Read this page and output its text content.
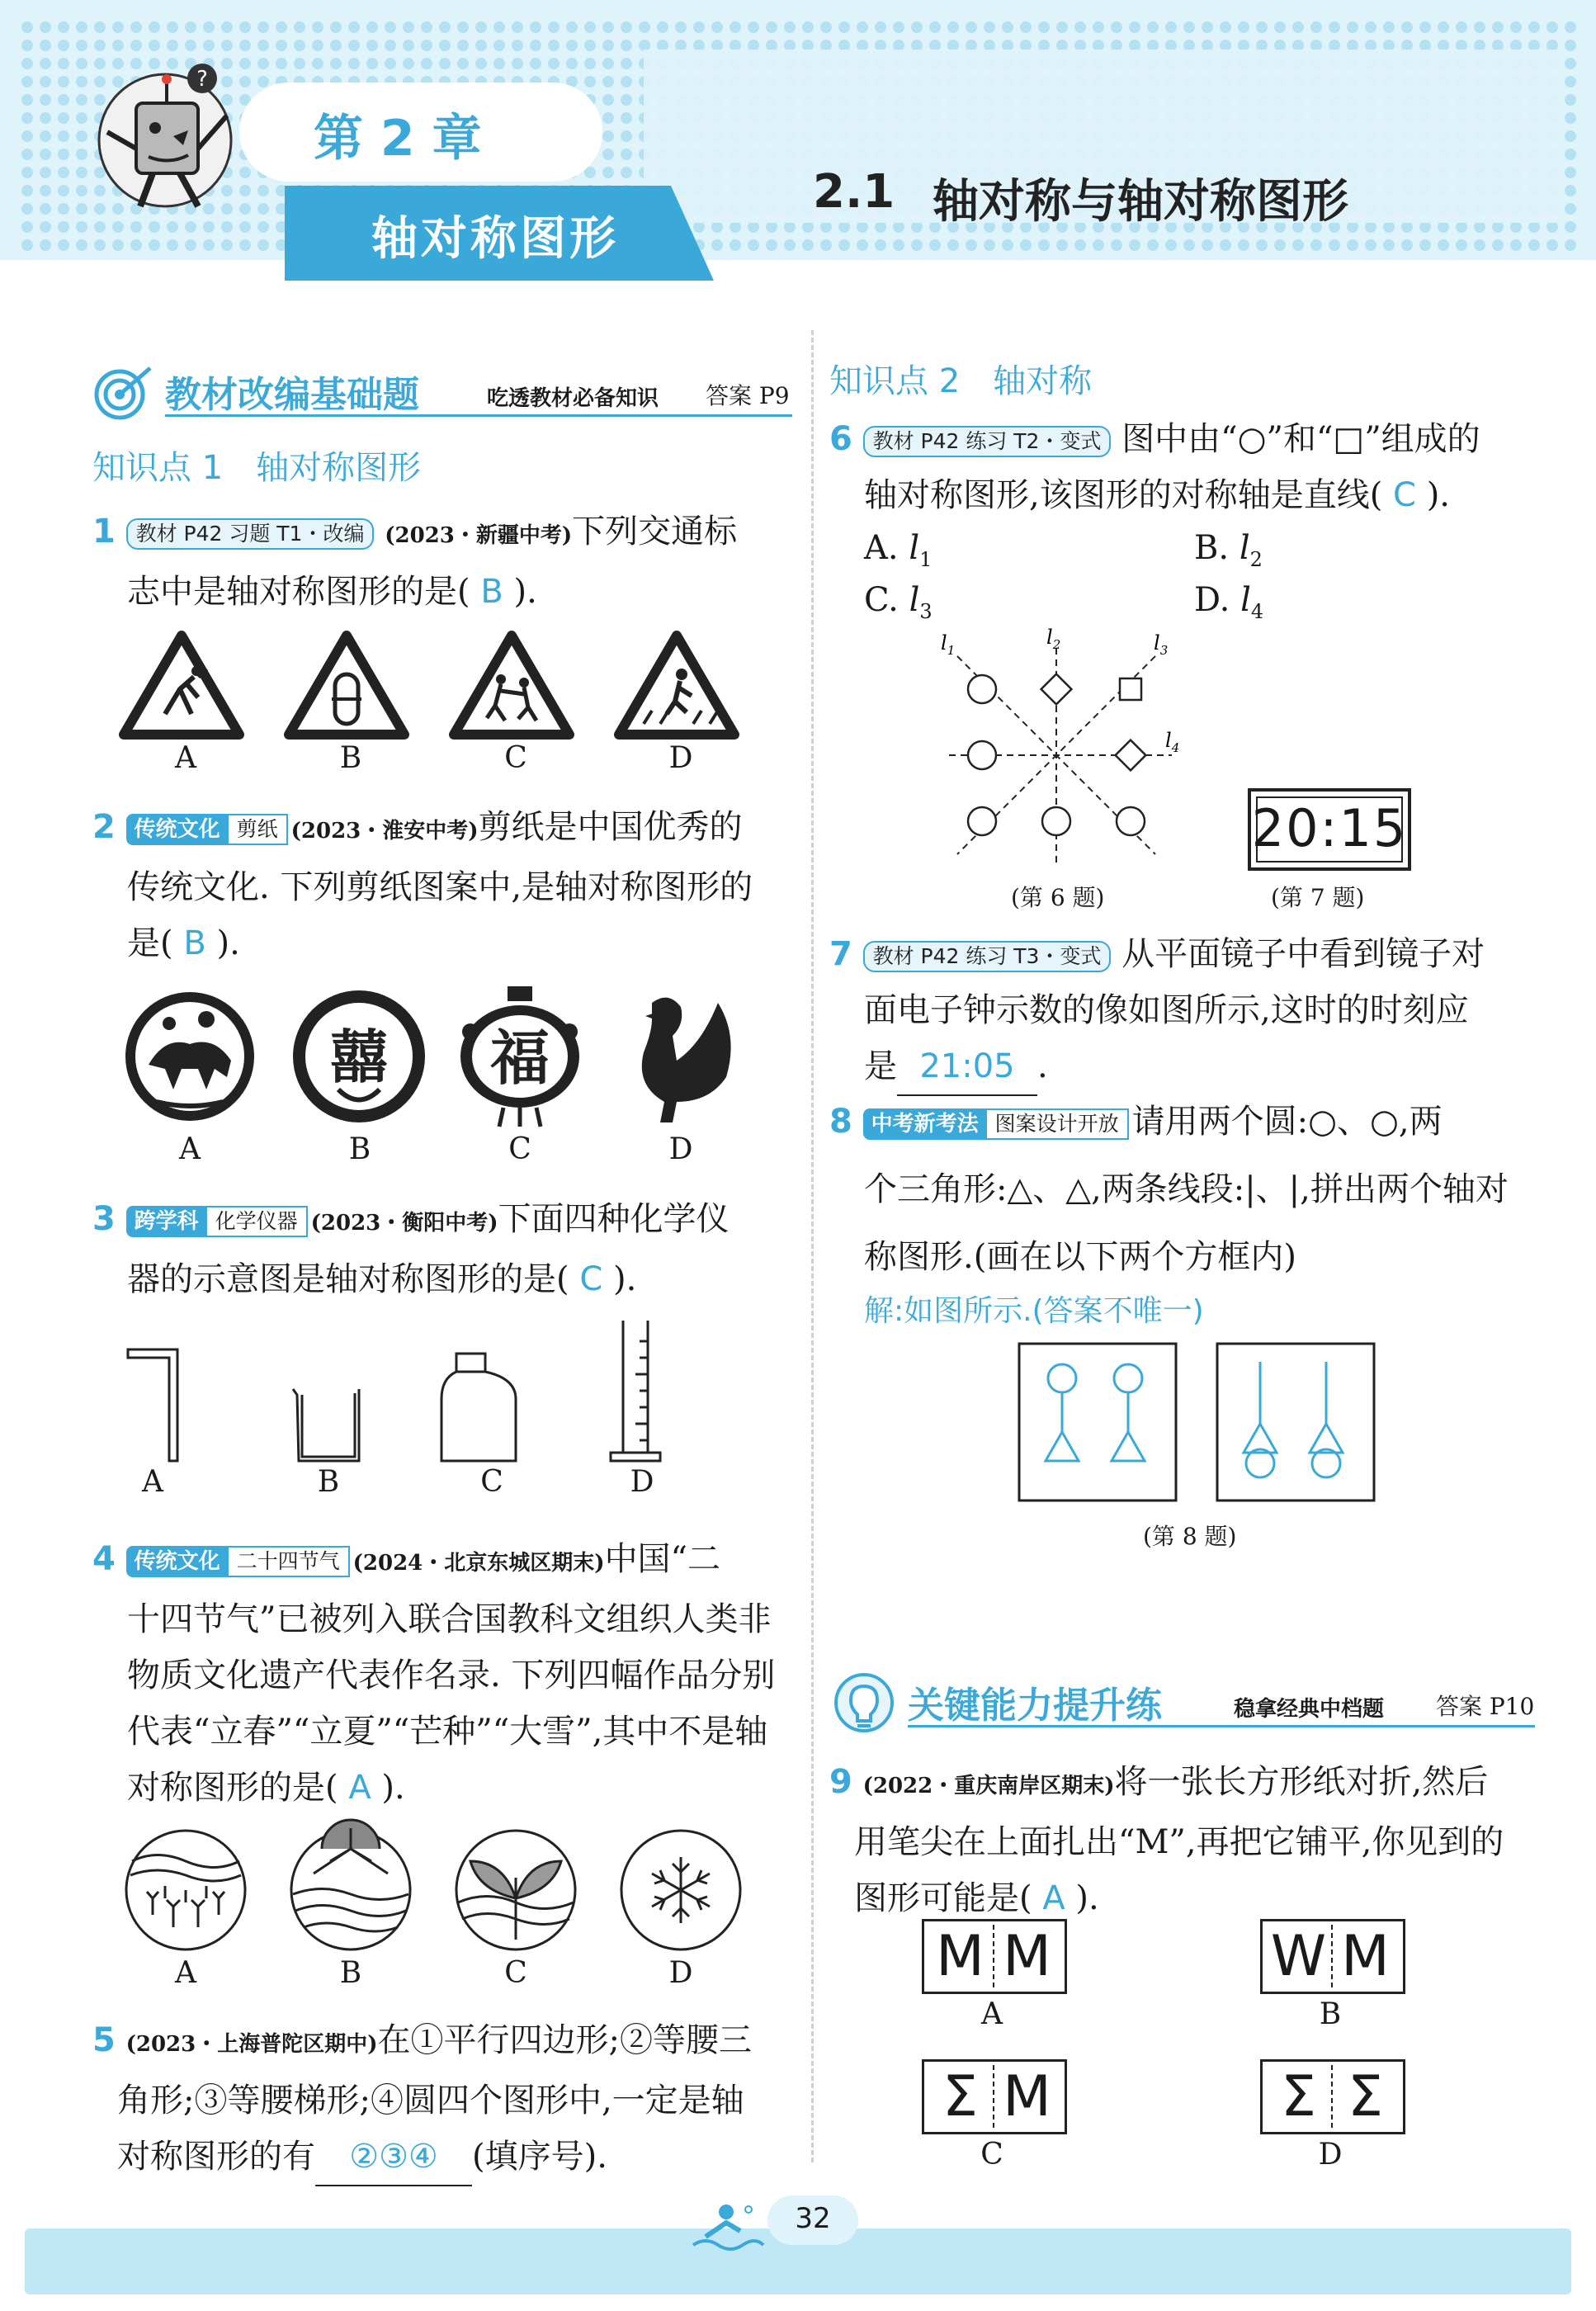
?
第 2 章
轴对称图形
2.1 轴对称与轴对称图形
教材改编基础题	吃透教材必备知识 答案 P9
知识点 1　轴对称图形
1 教材 P42 习题 T1・改编 (2023・新疆中考)下列交通标
志中是轴对称图形的是( B ).
A	B	C	D
2 传统文化 剪纸 (2023・淮安中考)剪纸是中国优秀的
传统文化. 下列剪纸图案中,是轴对称图形的
是( B ).
囍 福
A	B	C	D
3 跨学科 化学仪器 (2023・衡阳中考)下面四种化学仪
器的示意图是轴对称图形的是( C ).
A	B	C	D
4 传统文化 二十四节气 (2024・北京东城区期末)中国“二
十四节气”已被列入联合国教科文组织人类非
物质文化遗产代表作名录. 下列四幅作品分别
代表“立春”“立夏”“芒种”“大雪”,其中不是轴
对称图形的是( A ).
A	B	C	D
5 (2023・上海普陀区期中)在①平行四边形;②等腰三
角形;③等腰梯形;④圆四个图形中,一定是轴
对称图形的有 ②③④ (填序号).
知识点 2　轴对称
6 教材 P42 练习 T2・变式 图中由“○”和“□”组成的
轴对称图形,该图形的对称轴是直线( C ).
A. $l_1$	B. $l_2$
C. $l_3$	D. $l_4$
$l_1$
$l_2$	$l_3$
$l_4$
(第 6 题)
20:15
(第 7 题)
7 教材 P42 练习 T3・变式 从平面镜子中看到镜子对
面电子钟示数的像如图所示,这时的时刻应
是 21:05 .
8 中考新考法 图案设计开放 请用两个圆:○、○,两
个三角形:△、△,两条线段:|、|,拼出两个轴对
称图形.(画在以下两个方框内)
解:如图所示.(答案不唯一)
(第 8 题)
关键能力提升练	稳拿经典中档题 答案 P10
9 (2022・重庆南岸区期末)将一张长方形纸对折,然后
用笔尖在上面扎出“M”,再把它铺平,你见到的
图形可能是( A ).
M M
A
W M
B
Σ M
C
Σ Σ
D
32
